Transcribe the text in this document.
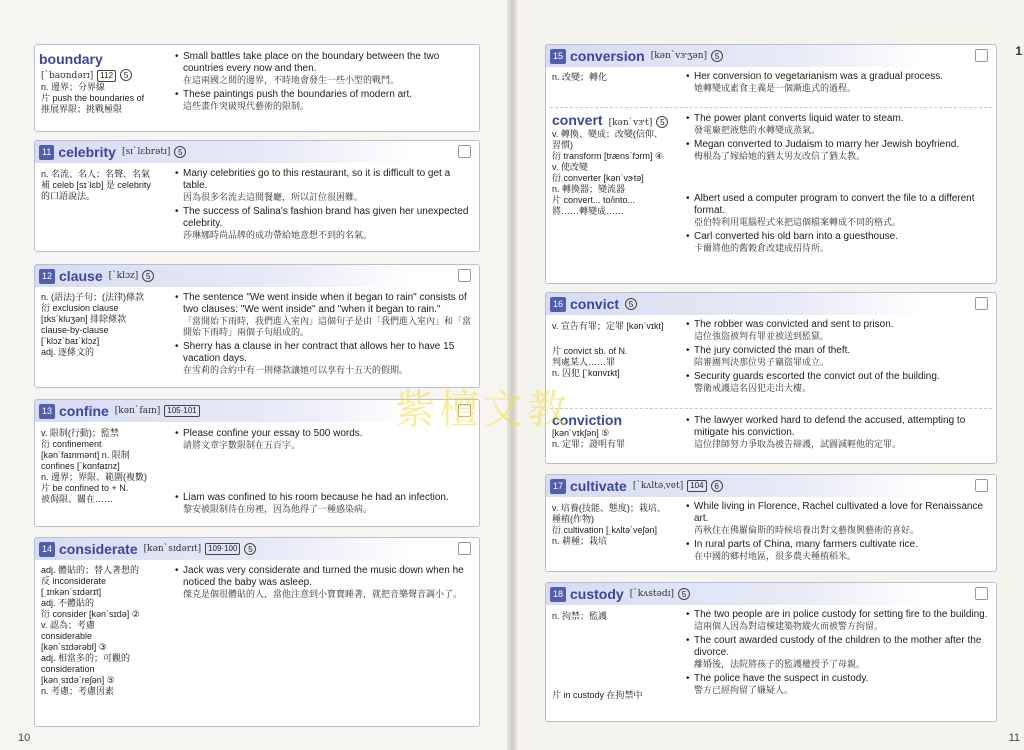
10	11
1
boundary
[ˋbaʊndərɪ] 112 5
n. 邊界；分界線
片 push the boundaries of
推展界限；挑戰極限
• Small battles take place on the boundary between the two countries every now and then.
在這兩國之間的邊界，不時地會發生一些小型的戰鬥。
• These paintings push the boundaries of modern art.
這些畫作突破現代藝術的限制。
11 celebrity [sɪˋlɛbrətɪ] 5
n. 名流、名人；名聲、名氣
補 celeb [sɪˋlɛb] 是 celebrity
的口語說法。
• Many celebrities go to this restaurant, so it is difficult to get a table.
因為很多名流去這間餐廳，所以訂位很困難。
• The success of Salina's fashion brand has given her unexpected celebrity.
莎琳娜時尚品牌的成功帶給她意想不到的名氣。
12 clause [ˋklɔz] 5
n. (語法)子句；(法律)條款
衍 exclusion clause
[ɪksˋkluʒən] 排除條款
clause-by-clause
[ˋklɔzˋbaɪˋklɔz]
adj. 逐條文的
• The sentence "We went inside when it began to rain" consists of two clauses: "We went inside" and "when it began to rain."
「當開始下雨時，我們進入室內」這個句子是由「我們進入室內」和「當開始下雨時」兩個子句組成的。
• Sherry has a clause in her contract that allows her to have 15 vacation days.
在雪莉的合約中有一則條款讓她可以享有十五天的假期。
13 confine [kənˋfaɪn] 105·101
v. 限制(行動)；監禁
衍 confinement
[kənˋfaɪnmənt] n. 限制
confines [ˋkɑnfaɪnz]
n. 邊界；界限、範圍(複數)
片 be confined to + N.
被侷限、關在……
• Please confine your essay to 500 words.
請將文章字數限制在五百字。
• Liam was confined to his room because he had an infection.
黎安被限制待在房裡，因為他得了一種感染病。
14 considerate [kənˋsɪdərɪt] 109·100	5
adj. 體貼的；替人著想的
反 inconsiderate
[ˌɪnkənˋsɪdərɪt]
adj. 不體貼的
衍 consider [kənˋsɪdə] ②
v. 認為；考慮
considerable
[kənˋsɪdərəbl] ③
adj. 相當多的；可觀的
consideration
[kənˌsɪdəˋreʃən] ⑤
n. 考慮；考慮因素
• Jack was very considerate and turned the music down when he noticed the baby was asleep.
傑克是個很體貼的人，當他注意到小寶寶睡著，就把音樂聲音調小了。
15 conversion [kənˋvɝʒən] 5
n. 改變；轉化	• Her conversion to vegetarianism was a gradual process.
她轉變成素食主義是一個漸進式的過程。
convert [kənˋvɝt] 5
v. 轉換、變成；改變(信仰、
習慣)
衍 transform [trænsˋfɔrm] ④
v. 使改變
衍 converter [kənˋvɝtə]
n. 轉換器；變流器
片 convert... to/into...
將……轉變成……
• The power plant converts liquid water to steam.
發電廠把液態的水轉變成蒸氣。
• Megan converted to Judaism to marry her Jewish boyfriend.
梅根為了嫁給她的猶太男友改信了猶太教。
• Albert used a computer program to convert the file to a different format.
亞伯特利用電腦程式來把這個檔案轉成不同的格式。
• Carl converted his old barn into a guesthouse.
卡爾將他的舊穀倉改建成招待所。
16 convict	5
v. 宣告有罪；定罪 [kənˋvɪkt]
片 convict sb. of N.
判處某人……罪
n. 囚犯 [ˋkɑnvɪkt]
• The robber was convicted and sent to prison.
這位強盜被判有罪並被送到監獄。
• The jury convicted the man of theft.
陪審團判決那位男子竊盜罪成立。
• Security guards escorted the convict out of the building.
警衛戒護這名囚犯走出大樓。
conviction
[kənˋvɪkʃən] ⑤
n. 定罪；證明有罪
• The lawyer worked hard to defend the accused, attempting to mitigate his conviction.
這位律師努力爭取為被告辯護，試圖減輕他的定罪。
17 cultivate [ˋkʌltəˌvet] 104	6
v. 培養(技能、態度)；栽培、
種植(作物)
衍 cultivation [ˌkʌltəˋveʃən]
n. 耕種；栽培
• While living in Florence, Rachel cultivated a love for Renaissance art.
芮秋住在佛羅倫斯的時候培養出對文藝復興藝術的喜好。
• In rural parts of China, many farmers cultivate rice.
在中國的鄉村地區，很多農夫種植稻米。
18 custody [ˋkʌstədɪ] 5
n. 拘禁；監護
片 in custody 在拘禁中
• The two people are in police custody for setting fire to the building.
這兩個人因為對這棟建築物縱火而被警方拘留。
• The court awarded custody of the children to the mother after the divorce.
離婚後，法院將孩子的監護權授予了母親。
• The police have the suspect in custody.
警方已經拘留了嫌疑人。
紫檀文教
